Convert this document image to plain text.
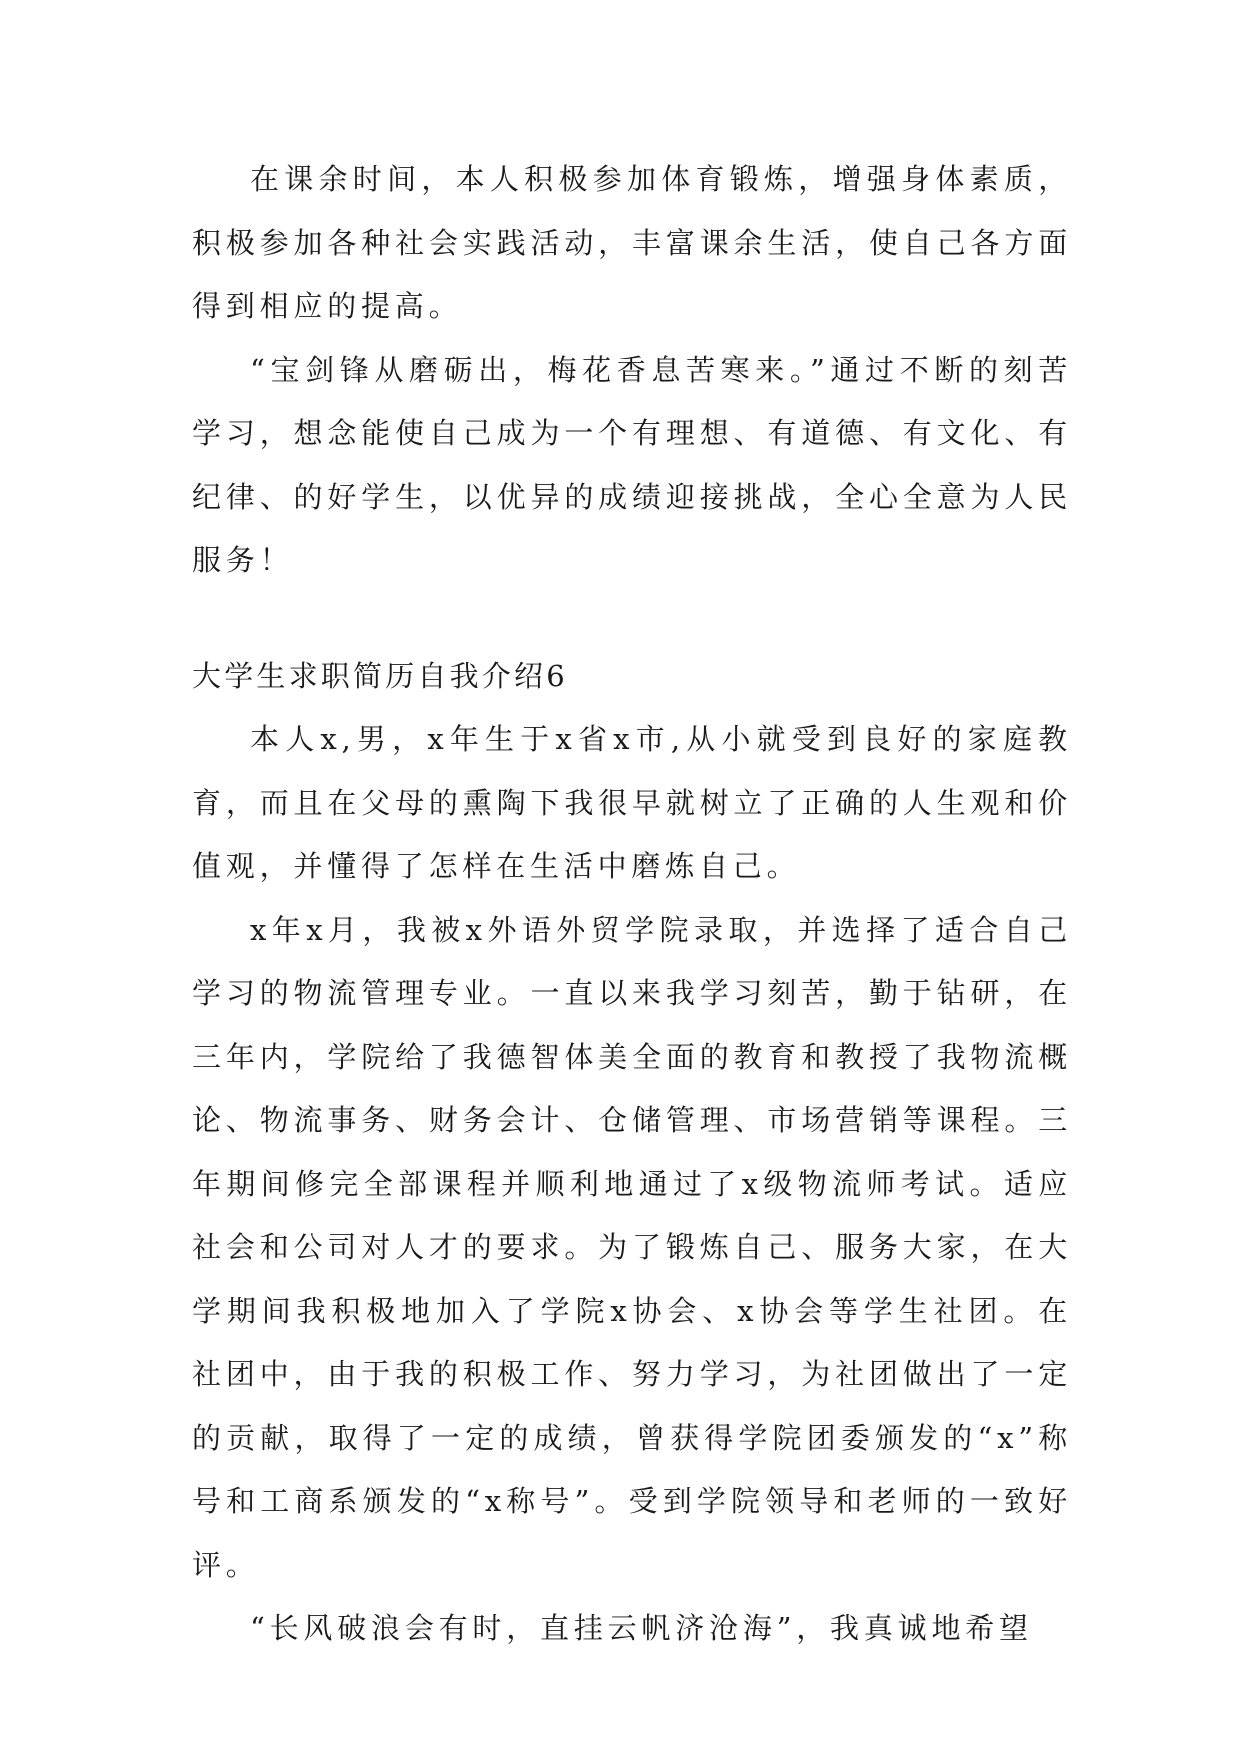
在课余时间，本人积极参加体育锻炼，增强身体素质，积极参加各种社会实践活动，丰富课余生活，使自己各方面得到相应的提高。

“宝剑锋从磨砺出，梅花香息苦寒来。”通过不断的刻苦学习，想念能使自己成为一个有理想、有道德、有文化、有纪律、的好学生，以优异的成绩迎接挑战，全心全意为人民服务！

大学生求职简历自我介绍6

本人x,男，x年生于x省x市,从小就受到良好的家庭教育，而且在父母的熏陶下我很早就树立了正确的人生观和价值观，并懂得了怎样在生活中磨炼自己。

x年x月，我被x外语外贸学院录取，并选择了适合自己学习的物流管理专业。一直以来我学习刻苦，勤于钻研，在三年内，学院给了我德智体美全面的教育和教授了我物流概论、物流事务、财务会计、仓储管理、市场营销等课程。三年期间修完全部课程并顺利地通过了x级物流师考试。适应社会和公司对人才的要求。为了锻炼自己、服务大家，在大学期间我积极地加入了学院x协会、x协会等学生社团。在社团中，由于我的积极工作、努力学习，为社团做出了一定的贡献，取得了一定的成绩，曾获得学院团委颁发的“x”称号和工商系颁发的“x称号”。受到学院领导和老师的一致好评。

“长风破浪会有时，直挂云帆济沧海”，我真诚地希望
